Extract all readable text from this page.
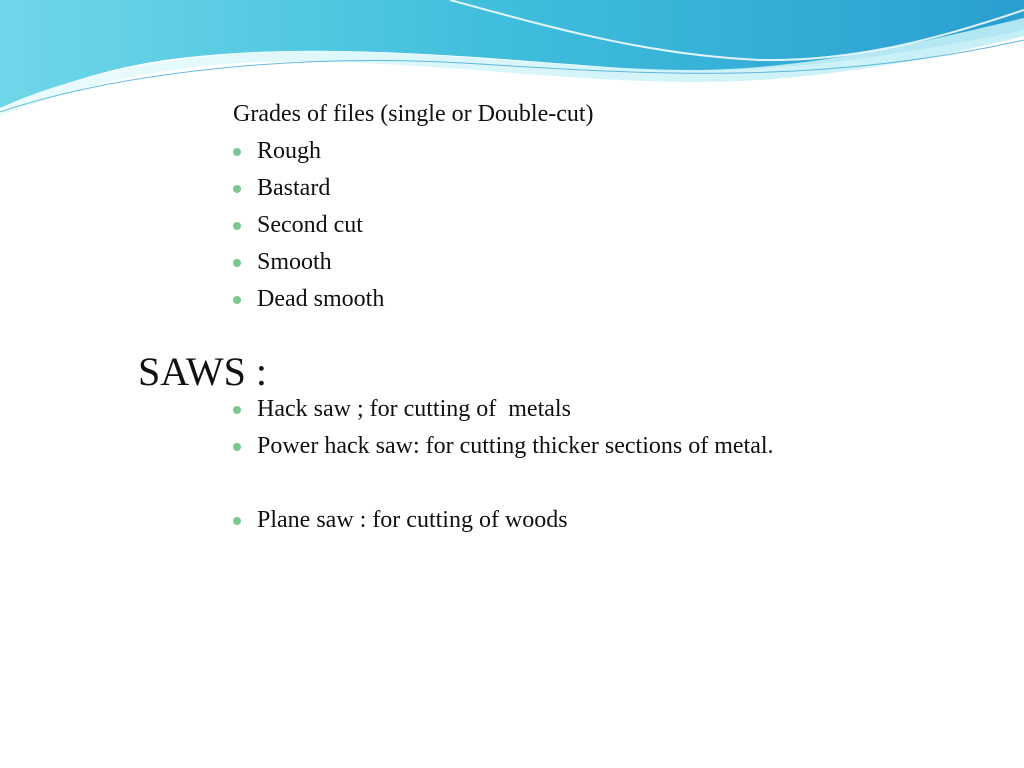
Grades of files (single or Double-cut)
Rough
Bastard
Second cut
Smooth
Dead smooth
SAWS :
Hack saw ; for cutting of  metals
Power hack saw: for cutting thicker sections of metal.
Plane saw : for cutting of woods
